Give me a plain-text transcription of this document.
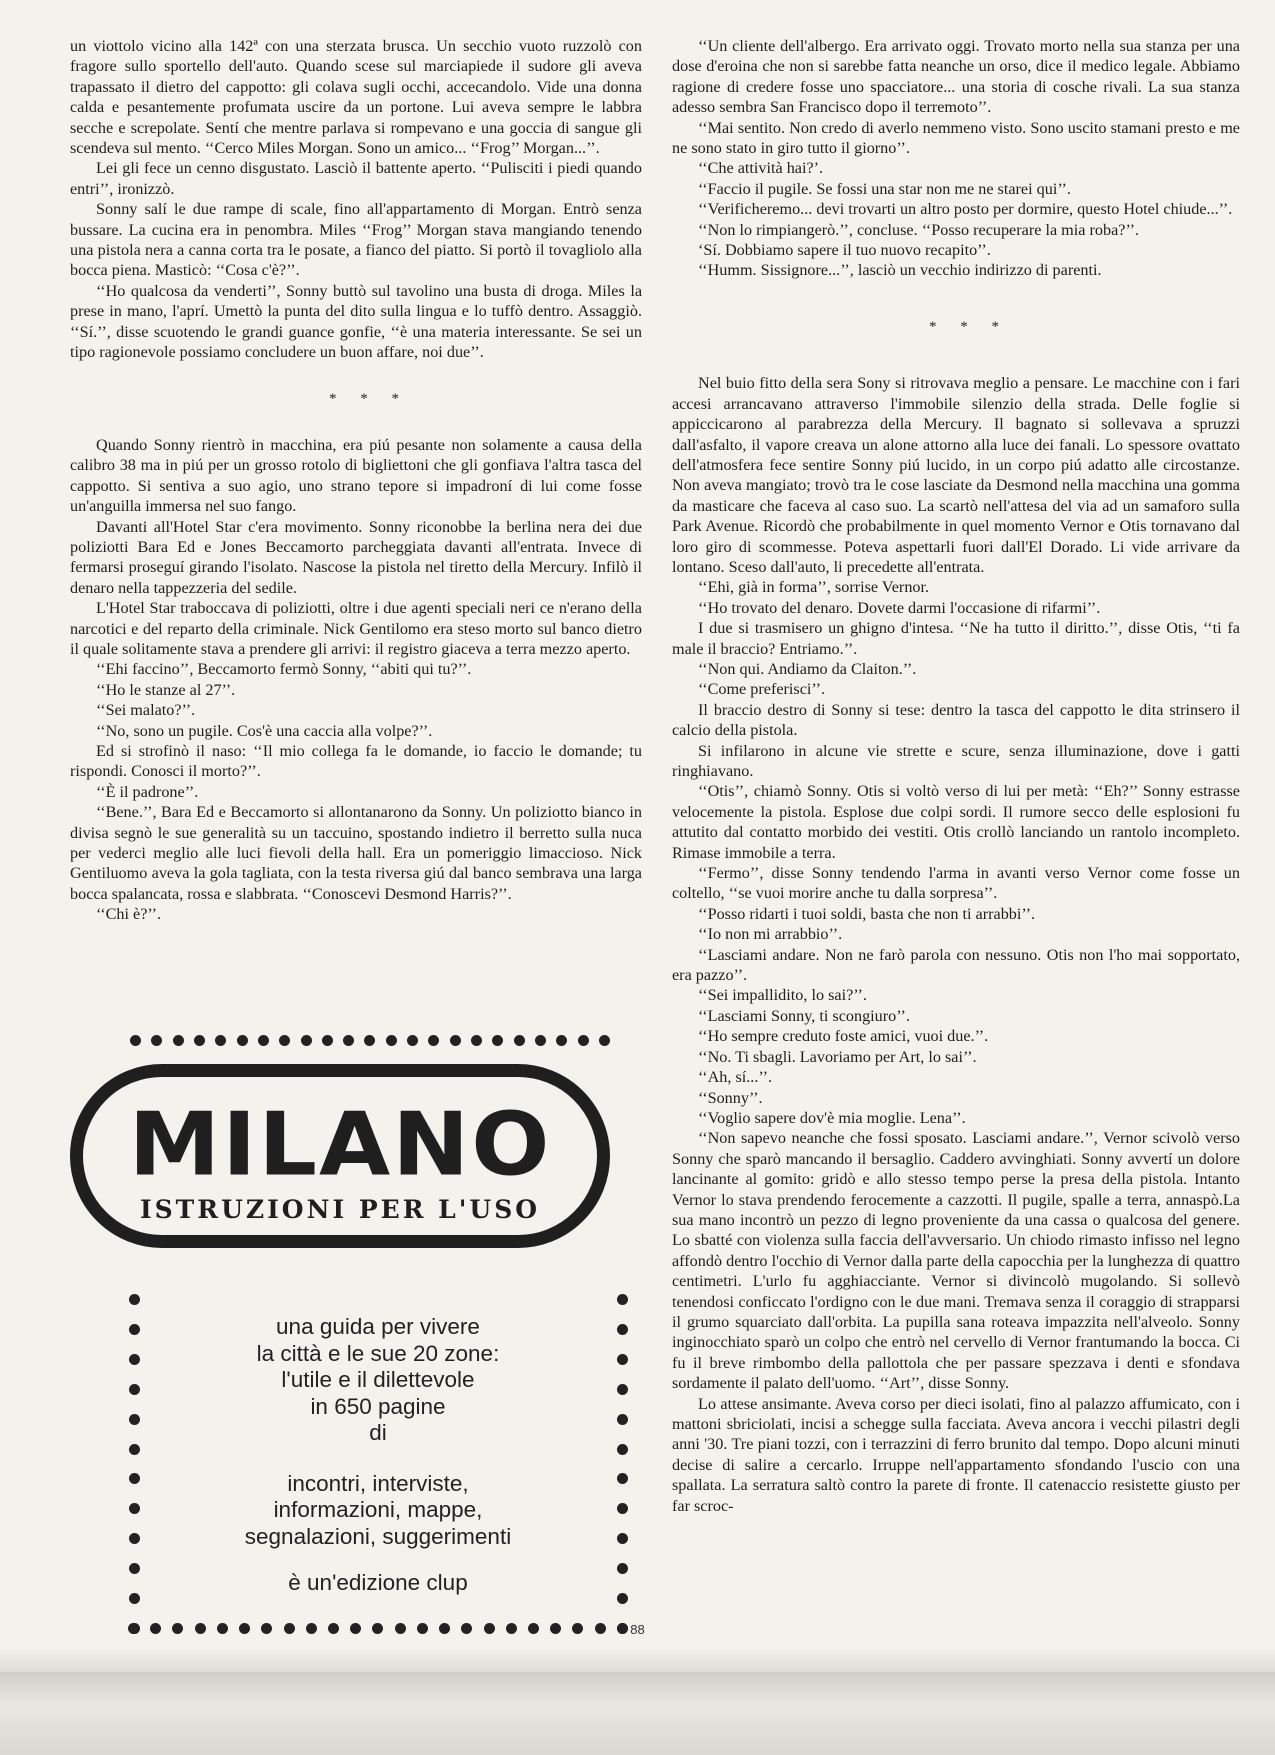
un viottolo vicino alla 142ª con una sterzata brusca. Un secchio vuoto ruzzolò con fragore sullo sportello dell'auto. Quando scese sul marciapiede il sudore gli aveva trapassato il dietro del cappotto: gli colava sugli occhi, accecandolo. Vide una donna calda e pesantemente profumata uscire da un portone. Lui aveva sempre le labbra secche e screpolate. Sentí che mentre parlava si rompevano e una goccia di sangue gli scendeva sul mento. ‘‘Cerco Miles Morgan. Sono un amico... ‘‘Frog’’ Morgan...’’.

Lei gli fece un cenno disgustato. Lasciò il battente aperto. ‘‘Pulisciti i piedi quando entri’’, ironizzò.

Sonny salí le due rampe di scale, fino all'appartamento di Morgan. Entrò senza bussare. La cucina era in penombra. Miles ‘‘Frog’’ Morgan stava mangiando tenendo una pistola nera a canna corta tra le posate, a fianco del piatto. Si portò il tovagliolo alla bocca piena. Masticò: ‘‘Cosa c'è?’’.

‘‘Ho qualcosa da venderti’’, Sonny buttò sul tavolino una busta di droga. Miles la prese in mano, l'aprí. Umettò la punta del dito sulla lingua e lo tuffò dentro. Assaggiò. ‘‘Sí.’’, disse scuotendo le grandi guance gonfie, ‘‘è una materia interessante. Se sei un tipo ragionevole possiamo concludere un buon affare, noi due’’.

* * *

Quando Sonny rientrò in macchina, era piú pesante non solamente a causa della calibro 38 ma in piú per un grosso rotolo di bigliettoni che gli gonfiava l'altra tasca del cappotto. Si sentiva a suo agio, uno strano tepore si impadroní di lui come fosse un'anguilla immersa nel suo fango.

Davanti all'Hotel Star c'era movimento. Sonny riconobbe la berlina nera dei due poliziotti Bara Ed e Jones Beccamorto parcheggiata davanti all'entrata. Invece di fermarsi proseguí girando l'isolato. Nascose la pistola nel tiretto della Mercury. Infilò il denaro nella tappezzeria del sedile.

L'Hotel Star traboccava di poliziotti, oltre i due agenti speciali neri ce n'erano della narcotici e del reparto della criminale. Nick Gentilomo era steso morto sul banco dietro il quale solitamente stava a prendere gli arrivi: il registro giaceva a terra mezzo aperto.

‘‘Ehi faccino’’, Beccamorto fermò Sonny, ‘‘abiti qui tu?’’.

‘‘Ho le stanze al 27’’.

‘‘Sei malato?’’.

‘‘No, sono un pugile. Cos'è una caccia alla volpe?’’.

Ed si strofinò il naso: ‘‘Il mio collega fa le domande, io faccio le domande; tu rispondi. Conosci il morto?’’.

‘‘È il padrone’’.

‘‘Bene.’’, Bara Ed e Beccamorto si allontanarono da Sonny. Un poliziotto bianco in divisa segnò le sue generalità su un taccuino, spostando indietro il berretto sulla nuca per vederci meglio alle luci fievoli della hall. Era un pomeriggio limaccioso. Nick Gentiluomo aveva la gola tagliata, con la testa riversa giú dal banco sembrava una larga bocca spalancata, rossa e slabbrata. ‘‘Conoscevi Desmond Harris?’’.

‘‘Chi è?’’.

‘‘Un cliente dell'albergo. Era arrivato oggi. Trovato morto nella sua stanza per una dose d'eroina che non si sarebbe fatta neanche un orso, dice il medico legale. Abbiamo ragione di credere fosse uno spacciatore... una storia di cosche rivali. La sua stanza adesso sembra San Francisco dopo il terremoto’’.

‘‘Mai sentito. Non credo di averlo nemmeno visto. Sono uscito stamani presto e me ne sono stato in giro tutto il giorno’’.

‘‘Che attività hai?’.

‘‘Faccio il pugile. Se fossi una star non me ne starei qui’’.

‘‘Verificheremo... devi trovarti un altro posto per dormire, questo Hotel chiude...’’.

‘‘Non lo rimpiangerò.’’, concluse. ‘‘Posso recuperare la mia roba?’’.

‘Sí. Dobbiamo sapere il tuo nuovo recapito’’.

‘‘Humm. Sissignore...’’, lasciò un vecchio indirizzo di parenti.

* * *

Nel buio fitto della sera Sony si ritrovava meglio a pensare. Le macchine con i fari accesi arrancavano attraverso l'immobile silenzio della strada. Delle foglie si appiccicarono al parabrezza della Mercury. Il bagnato si sollevava a spruzzi dall'asfalto, il vapore creava un alone attorno alla luce dei fanali. Lo spessore ovattato dell'atmosfera fece sentire Sonny piú lucido, in un corpo piú adatto alle circostanze. Non aveva mangiato; trovò tra le cose lasciate da Desmond nella macchina una gomma da masticare che faceva al caso suo. La scartò nell'attesa del via ad un samaforo sulla Park Avenue. Ricordò che probabilmente in quel momento Vernor e Otis tornavano dal loro giro di scommesse. Poteva aspettarli fuori dall'El Dorado. Li vide arrivare da lontano. Sceso dall'auto, li precedette all'entrata.

‘‘Ehi, già in forma’’, sorrise Vernor.

‘‘Ho trovato del denaro. Dovete darmi l'occasione di rifarmi’’.

I due si trasmisero un ghigno d'intesa. ‘‘Ne ha tutto il diritto.’’, disse Otis, ‘‘ti fa male il braccio? Entriamo.’’.

‘‘Non qui. Andiamo da Claiton.’’.

‘‘Come preferisci’’.

Il braccio destro di Sonny si tese: dentro la tasca del cappotto le dita strinsero il calcio della pistola.

Si infilarono in alcune vie strette e scure, senza illuminazione, dove i gatti ringhiavano.

‘‘Otis’’, chiamò Sonny. Otis si voltò verso di lui per metà: ‘‘Eh?’’ Sonny estrasse velocemente la pistola. Esplose due colpi sordi. Il rumore secco delle esplosioni fu attutito dal contatto morbido dei vestiti. Otis crollò lanciando un rantolo incompleto. Rimase immobile a terra.

‘‘Fermo’’, disse Sonny tendendo l'arma in avanti verso Vernor come fosse un coltello, ‘‘se vuoi morire anche tu dalla sorpresa’’.

‘‘Posso ridarti i tuoi soldi, basta che non ti arrabbi’’.

‘‘Io non mi arrabbio’’.

‘‘Lasciami andare. Non ne farò parola con nessuno. Otis non l'ho mai sopportato, era pazzo’’.

‘‘Sei impallidito, lo sai?’’.

‘‘Lasciami Sonny, ti scongiuro’’.

‘‘Ho sempre creduto foste amici, vuoi due.’’.

‘‘No. Ti sbagli. Lavoriamo per Art, lo sai’’.

‘‘Ah, sí...’’.

‘‘Sonny’’.

‘‘Voglio sapere dov'è mia moglie. Lena’’.

‘‘Non sapevo neanche che fossi sposato. Lasciami andare.’’, Vernor scivolò verso Sonny che sparò mancando il bersaglio. Caddero avvinghiati. Sonny avvertí un dolore lancinante al gomito: gridò e allo stesso tempo perse la presa della pistola. Intanto Vernor lo stava prendendo ferocemente a cazzotti. Il pugile, spalle a terra, annaspò.La sua mano incontrò un pezzo di legno proveniente da una cassa o qualcosa del genere. Lo sbatté con violenza sulla faccia dell'avversario. Un chiodo rimasto infisso nel legno affondò dentro l'occhio di Vernor dalla parte della capocchia per la lunghezza di quattro centimetri. L'urlo fu agghiacciante. Vernor si divincolò mugolando. Si sollevò tenendosi conficcato l'ordigno con le due mani. Tremava senza il coraggio di strapparsi il grumo squarciato dall'orbita. La pupilla sana roteava impazzita nell'alveolo. Sonny inginocchiato sparò un colpo che entrò nel cervello di Vernor frantumando la bocca. Ci fu il breve rimbombo della pallottola che per passare spezzava i denti e sfondava sordamente il palato dell'uomo. ‘‘Art’’, disse Sonny.

Lo attese ansimante. Aveva corso per dieci isolati, fino al palazzo affumicato, con i mattoni sbriciolati, incisi a schegge sulla facciata. Aveva ancora i vecchi pilastri degli anni '30. Tre piani tozzi, con i terrazzini di ferro brunito dal tempo. Dopo alcuni minuti decise di salire a cercarlo. Irruppe nell'appartamento sfondando l'uscio con una spallata. La serratura saltò contro la parete di fronte. Il catenaccio resistette giusto per far scroc-

MILANO
ISTRUZIONI PER L'USO
una guida per vivere
la città e le sue 20 zone:
l'utile e il dilettevole
in 650 pagine
di
incontri, interviste,
informazioni, mappe,
segnalazioni, suggerimenti
è un'edizione clup
88
